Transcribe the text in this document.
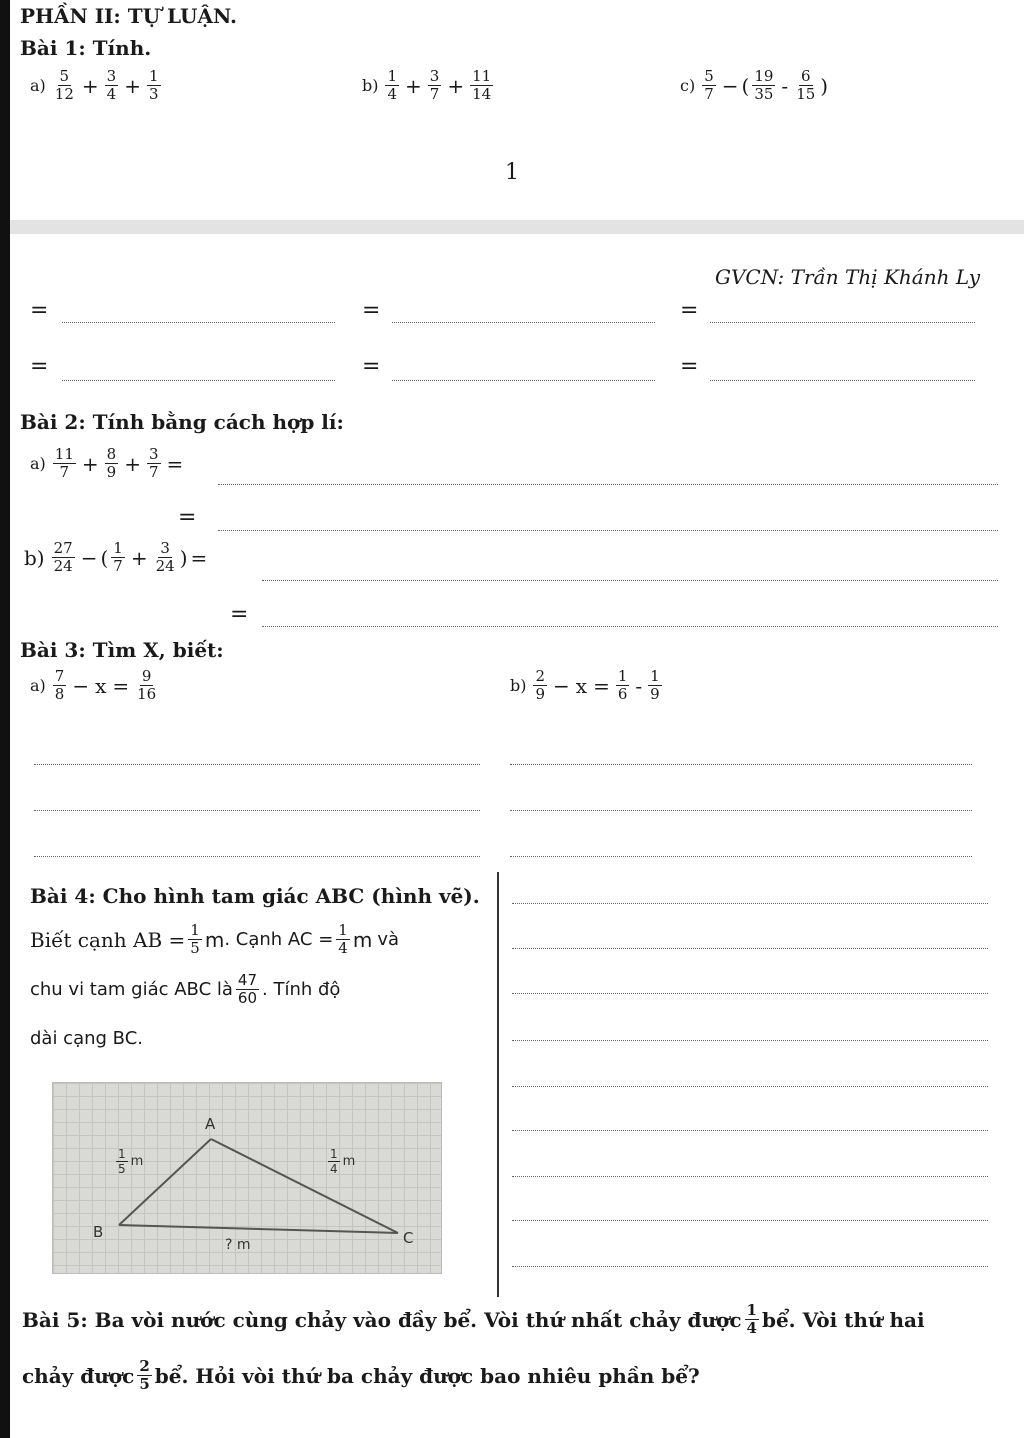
PHẦN II: TỰ LUẬN.
Bài 1: Tính.
$a) \frac{5}{12} + \frac{3}{4} + \frac{1}{3}$	$b) \frac{1}{4} + \frac{3}{7} + \frac{11}{14}$	$c) \frac{5}{7}$ − ( $\frac{19}{35} - \frac{6}{15}$ )
1
GVCN: Trần Thị Khánh Ly
=	=	=
=	=	=
Bài 2: Tính bằng cách hợp lí:
$a) \frac{11}{7} + \frac{8}{9} + \frac{3}{7}$ =
=
$b) \frac{27}{24}$ − ( $\frac{1}{7} + \frac{3}{24}$ ) =
=
Bài 3: Tìm X, biết:
$a) \frac{7}{8} - x = \frac{9}{16}$	$b) \frac{2}{9} - x = \frac{1}{6} - \frac{1}{9}$
Bài 4: Cho hình tam giác ABC (hình vẽ).
Biết cạnh AB = $\frac{1}{5}$ m . Cạnh AC = $\frac{1}{4}$ m và
chu vi tam giác ABC là $\frac{47}{60}$ . Tính độ
dài cạng BC.
A
B	C
$\frac{1}{5}$ m	$\frac{1}{4}$ m
? m
Bài 5: Ba vòi nước cùng chảy vào đầy bể. Vòi thứ nhất chảy được $\frac{1}{4}$ bể. Vòi thứ hai
chảy được $\frac{2}{5}$ bể. Hỏi vòi thứ ba chảy được bao nhiêu phần bể?
